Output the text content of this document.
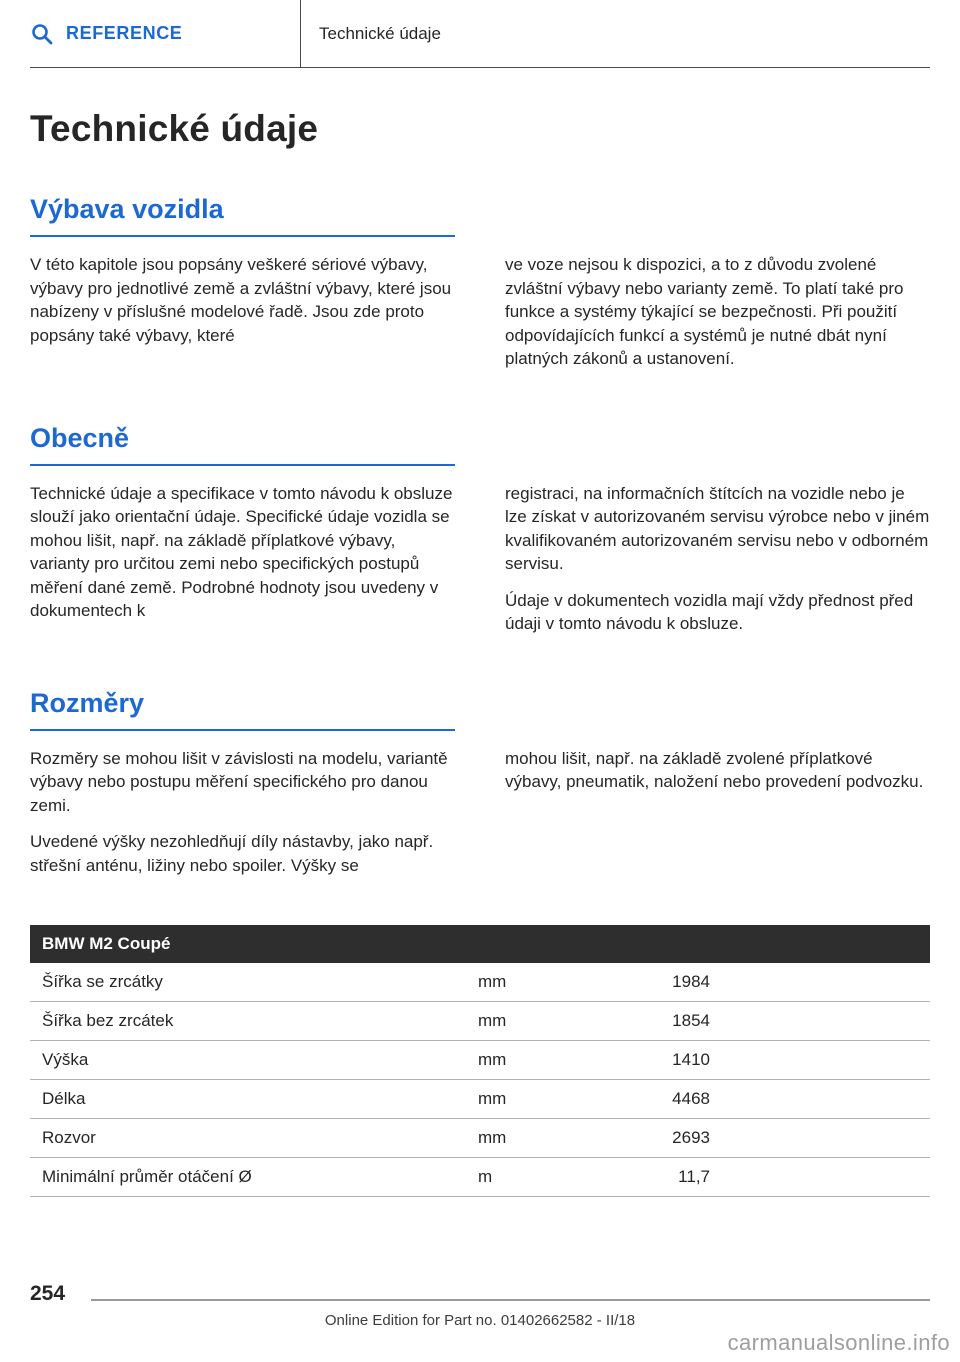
REFERENCE	Technické údaje
Technické údaje
Výbava vozidla

V této kapitole jsou popsány veškeré sériové výbavy, výbavy pro jednotlivé země a zvláštní výbavy, které jsou nabízeny v příslušné modelové řadě. Jsou zde proto popsány také výbavy, které

ve voze nejsou k dispozici, a to z důvodu zvolené zvláštní výbavy nebo varianty země. To platí také pro funkce a systémy týkající se bezpečnosti. Při použití odpovídajících funkcí a systémů je nutné dbát nyní platných zákonů a ustanovení.

Obecně

Technické údaje a specifikace v tomto návodu k obsluze slouží jako orientační údaje. Specifické údaje vozidla se mohou lišit, např. na základě příplatkové výbavy, varianty pro určitou zemi nebo specifických postupů měření dané země. Podrobné hodnoty jsou uvedeny v dokumentech k

registraci, na informačních štítcích na vozidle nebo je lze získat v autorizovaném servisu výrobce nebo v jiném kvalifikovaném autorizovaném servisu nebo v odborném servisu.

Údaje v dokumentech vozidla mají vždy přednost před údaji v tomto návodu k obsluze.

Rozměry

Rozměry se mohou lišit v závislosti na modelu, variantě výbavy nebo postupu měření specifického pro danou zemi.

Uvedené výšky nezohledňují díly nástavby, jako např. střešní anténu, ližiny nebo spoiler. Výšky se

mohou lišit, např. na základě zvolené příplatkové výbavy, pneumatik, naložení nebo provedení podvozku.

BMW M2 Coupé
Šířka se zrcátky	mm	1984
Šířka bez zrcátek	mm	1854
Výška	mm	1410
Délka	mm	4468
Rozvor	mm	2693
Minimální průměr otáčení Ø	m	11,7
254
Online Edition for Part no. 01402662582 - II/18
carmanualsonline.info
